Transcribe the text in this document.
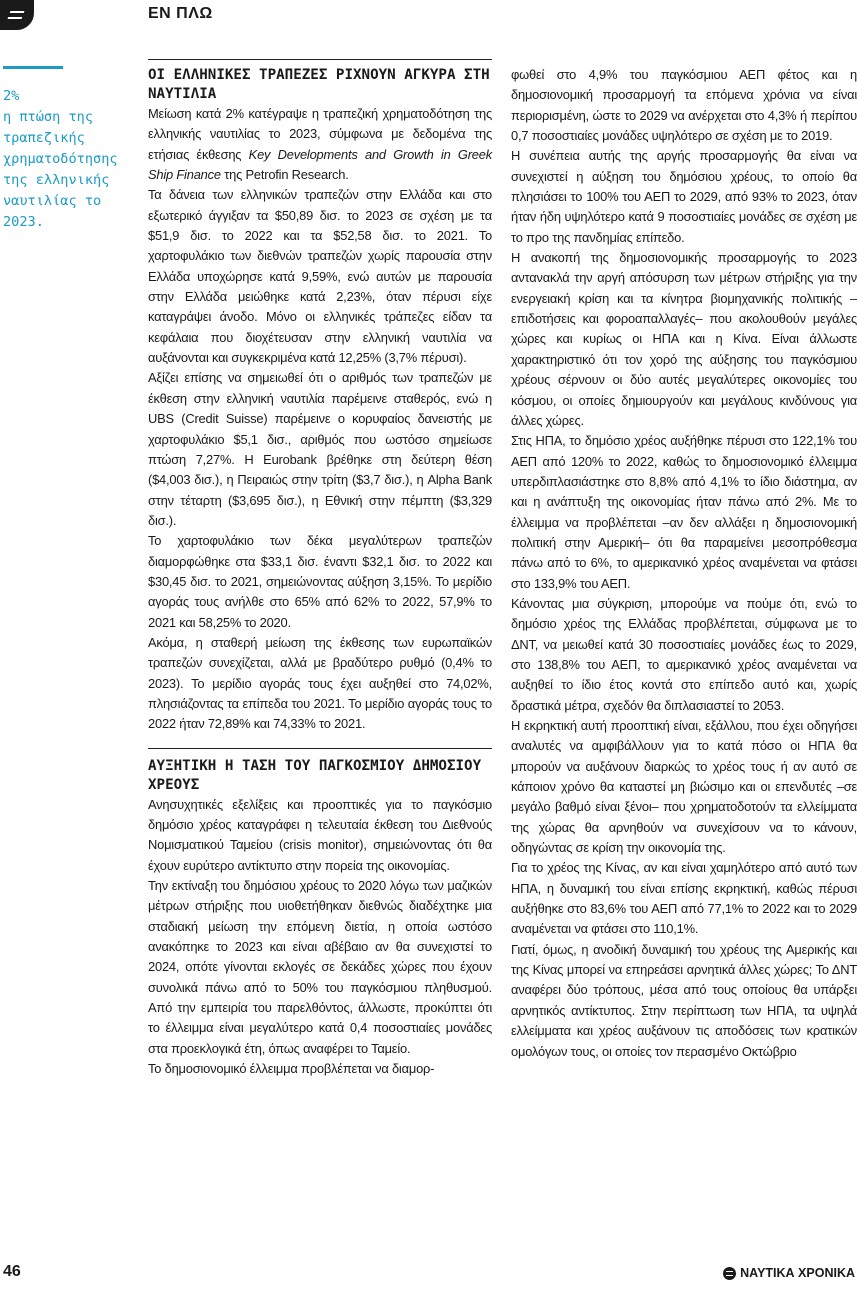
ΕΝ ΠΛΩ
2%
η πτώση της τραπεζικής χρηματοδότησης της ελληνικής ναυτιλίας το 2023.
ΟΙ ΕΛΛΗΝΙΚΕΣ ΤΡΑΠΕΖΕΣ ΡΙΧΝΟΥΝ ΑΓΚΥΡΑ ΣΤΗ ΝΑΥΤΙΛΙΑ

Μείωση κατά 2% κατέγραψε η τραπεζική χρηματοδότηση της ελληνικής ναυτιλίας το 2023, σύμφωνα με δεδομένα της ετήσιας έκθεσης Key Developments and Growth in Greek Ship Finance της Petrofin Research.

Τα δάνεια των ελληνικών τραπεζών στην Ελλάδα και στο εξωτερικό άγγιξαν τα $50,89 δισ. το 2023 σε σχέση με τα $51,9 δισ. το 2022 και τα $52,58 δισ. το 2021. Το χαρτοφυλάκιο των διεθνών τραπεζών χωρίς παρουσία στην Ελλάδα υποχώρησε κατά 9,59%, ενώ αυτών με παρουσία στην Ελλάδα μειώθηκε κατά 2,23%, όταν πέρυσι είχε καταγράψει άνοδο. Μόνο οι ελληνικές τράπεζες είδαν τα κεφάλαια που διοχέτευσαν στην ελληνική ναυτιλία να αυξάνονται και συγκεκριμένα κατά 12,25% (3,7% πέρυσι).

Αξίζει επίσης να σημειωθεί ότι ο αριθμός των τραπεζών με έκθεση στην ελληνική ναυτιλία παρέμεινε σταθερός, ενώ η UBS (Credit Suisse) παρέμεινε ο κορυφαίος δανειστής με χαρτοφυλάκιο $5,1 δισ., αριθμός που ωστόσο σημείωσε πτώση 7,27%. Η Eurobank βρέθηκε στη δεύτερη θέση ($4,003 δισ.), η Πειραιώς στην τρίτη ($3,7 δισ.), η Alpha Bank στην τέταρτη ($3,695 δισ.), η Εθνική στην πέμπτη ($3,329 δισ.).

Το χαρτοφυλάκιο των δέκα μεγαλύτερων τραπεζών διαμορφώθηκε στα $33,1 δισ. έναντι $32,1 δισ. το 2022 και $30,45 δισ. το 2021, σημειώνοντας αύξηση 3,15%. Το μερίδιο αγοράς τους ανήλθε στο 65% από 62% το 2022, 57,9% το 2021 και 58,25% το 2020.

Ακόμα, η σταθερή μείωση της έκθεσης των ευρωπαϊκών τραπεζών συνεχίζεται, αλλά με βραδύτερο ρυθμό (0,4% το 2023). Το μερίδιο αγοράς τους έχει αυξηθεί στο 74,02%, πλησιάζοντας τα επίπεδα του 2021. Το μερίδιο αγοράς τους το 2022 ήταν 72,89% και 74,33% το 2021.

ΑΥΞΗΤΙΚΗ Η ΤΑΣΗ ΤΟΥ ΠΑΓΚΟΣΜΙΟΥ ΔΗΜΟΣΙΟΥ ΧΡΕΟΥΣ

Ανησυχητικές εξελίξεις και προοπτικές για το παγκόσμιο δημόσιο χρέος καταγράφει η τελευταία έκθεση του Διεθνούς Νομισματικού Ταμείου (crisis monitor), σημειώνοντας ότι θα έχουν ευρύτερο αντίκτυπο στην πορεία της οικονομίας.

Την εκτίναξη του δημόσιου χρέους το 2020 λόγω των μαζικών μέτρων στήριξης που υιοθετήθηκαν διεθνώς διαδέχτηκε μια σταδιακή μείωση την επόμενη διετία, η οποία ωστόσο ανακόπηκε το 2023 και είναι αβέβαιο αν θα συνεχιστεί το 2024, οπότε γίνονται εκλογές σε δεκάδες χώρες που έχουν συνολικά πάνω από το 50% του παγκόσμιου πληθυσμού. Από την εμπειρία του παρελθόντος, άλλωστε, προκύπτει ότι το έλλειμμα είναι μεγαλύτερο κατά 0,4 ποσοστιαίες μονάδες στα προεκλογικά έτη, όπως αναφέρει το Ταμείο.

Το δημοσιονομικό έλλειμμα προβλέπεται να διαμορ-

φωθεί στο 4,9% του παγκόσμιου ΑΕΠ φέτος και η δημοσιονομική προσαρμογή τα επόμενα χρόνια να είναι περιορισμένη, ώστε το 2029 να ανέρχεται στο 4,3% ή περίπου 0,7 ποσοστιαίες μονάδες υψηλότερο σε σχέση με το 2019.

Η συνέπεια αυτής της αργής προσαρμογής θα είναι να συνεχιστεί η αύξηση του δημόσιου χρέους, το οποίο θα πλησιάσει το 100% του ΑΕΠ το 2029, από 93% το 2023, όταν ήταν ήδη υψηλότερο κατά 9 ποσοστιαίες μονάδες σε σχέση με το προ της πανδημίας επίπεδο.

Η ανακοπή της δημοσιονομικής προσαρμογής το 2023 αντανακλά την αργή απόσυρση των μέτρων στήριξης για την ενεργειακή κρίση και τα κίνητρα βιομηχανικής πολιτικής –επιδοτήσεις και φοροαπαλλαγές– που ακολουθούν μεγάλες χώρες και κυρίως οι ΗΠΑ και η Κίνα. Είναι άλλωστε χαρακτηριστικό ότι τον χορό της αύξησης του παγκόσμιου χρέους σέρνουν οι δύο αυτές μεγαλύτερες οικονομίες του κόσμου, οι οποίες δημιουργούν και μεγάλους κινδύνους για άλλες χώρες.

Στις ΗΠΑ, το δημόσιο χρέος αυξήθηκε πέρυσι στο 122,1% του ΑΕΠ από 120% το 2022, καθώς το δημοσιονομικό έλλειμμα υπερδιπλασιάστηκε στο 8,8% από 4,1% το ίδιο διάστημα, αν και η ανάπτυξη της οικονομίας ήταν πάνω από 2%. Με το έλλειμμα να προβλέπεται –αν δεν αλλάξει η δημοσιονομική πολιτική στην Αμερική– ότι θα παραμείνει μεσοπρόθεσμα πάνω από το 6%, το αμερικανικό χρέος αναμένεται να φτάσει στο 133,9% του ΑΕΠ.

Κάνοντας μια σύγκριση, μπορούμε να πούμε ότι, ενώ το δημόσιο χρέος της Ελλάδας προβλέπεται, σύμφωνα με το ΔΝΤ, να μειωθεί κατά 30 ποσοστιαίες μονάδες έως το 2029, στο 138,8% του ΑΕΠ, το αμερικανικό χρέος αναμένεται να αυξηθεί το ίδιο έτος κοντά στο επίπεδο αυτό και, χωρίς δραστικά μέτρα, σχεδόν θα διπλασιαστεί το 2053.

Η εκρηκτική αυτή προοπτική είναι, εξάλλου, που έχει οδηγήσει αναλυτές να αμφιβάλλουν για το κατά πόσο οι ΗΠΑ θα μπορούν να αυξάνουν διαρκώς το χρέος τους ή αν αυτό σε κάποιον χρόνο θα καταστεί μη βιώσιμο και οι επενδυτές –σε μεγάλο βαθμό είναι ξένοι– που χρηματοδοτούν τα ελλείμματα της χώρας θα αρνηθούν να συνεχίσουν να το κάνουν, οδηγώντας σε κρίση την οικονομία της.

Για το χρέος της Κίνας, αν και είναι χαμηλότερο από αυτό των ΗΠΑ, η δυναμική του είναι επίσης εκρηκτική, καθώς πέρυσι αυξήθηκε στο 83,6% του ΑΕΠ από 77,1% το 2022 και το 2029 αναμένεται να φτάσει στο 110,1%.

Γιατί, όμως, η ανοδική δυναμική του χρέους της Αμερικής και της Κίνας μπορεί να επηρεάσει αρνητικά άλλες χώρες; Το ΔΝΤ αναφέρει δύο τρόπους, μέσα από τους οποίους θα υπάρξει αρνητικός αντίκτυπος. Στην περίπτωση των ΗΠΑ, τα υψηλά ελλείμματα και χρέος αυξάνουν τις αποδόσεις των κρατικών ομολόγων τους, οι οποίες τον περασμένο Οκτώβριο

46	ΝΑΥΤΙΚΑ ΧΡΟΝΙΚΑ
